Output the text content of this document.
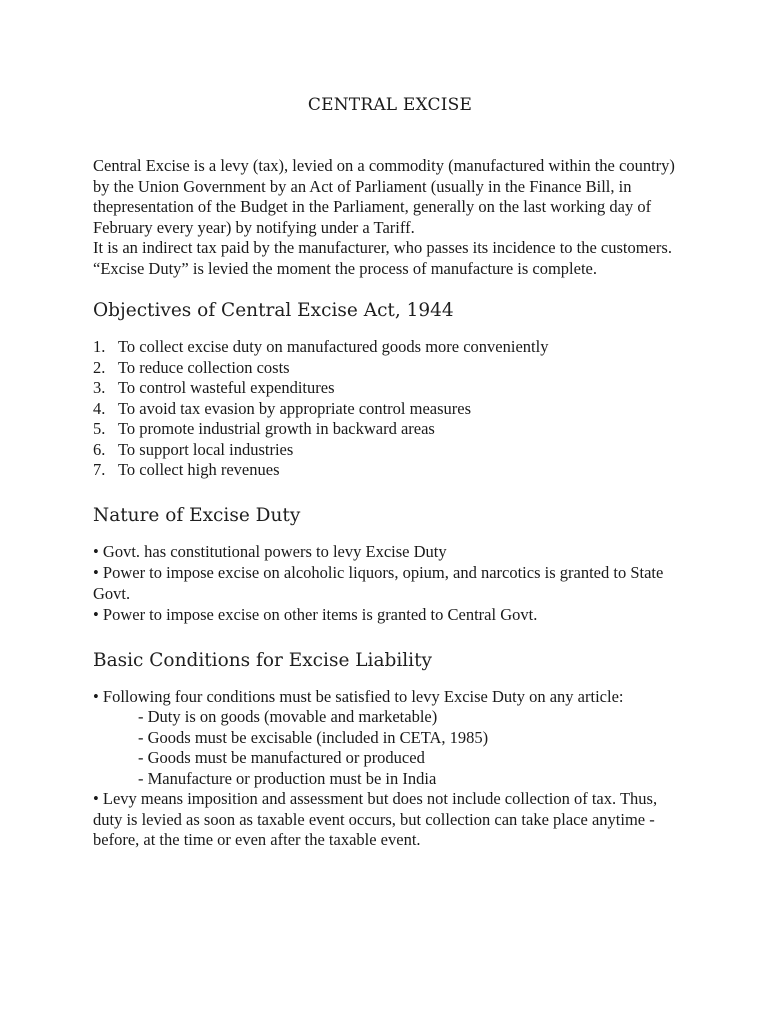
CENTRAL EXCISE

Central Excise is a levy (tax), levied on a commodity (manufactured within the country) by the Union Government by an Act of Parliament (usually in the Finance Bill, in thepresentation of the Budget in the Parliament, generally on the last working day of February every year) by notifying under a Tariff.

It is an indirect tax paid by the manufacturer, who passes its incidence to the customers.

“Excise Duty” is levied the moment the process of manufacture is complete.

Objectives of Central Excise Act, 1944
1. To collect excise duty on manufactured goods more conveniently
2. To reduce collection costs
3. To control wasteful expenditures
4. To avoid tax evasion by appropriate control measures
5. To promote industrial growth in backward areas
6. To support local industries
7. To collect high revenues
Nature of Excise Duty

• Govt. has constitutional powers to levy Excise Duty

• Power to impose excise on alcoholic liquors, opium, and narcotics is granted to State Govt.

• Power to impose excise on other items is granted to Central Govt.

Basic Conditions for Excise Liability

• Following four conditions must be satisfied to levy Excise Duty on any article:

- Duty is on goods (movable and marketable)
- Goods must be excisable (included in CETA, 1985)
- Goods must be manufactured or produced
- Manufacture or production must be in India

• Levy means imposition and assessment but does not include collection of tax. Thus, duty is levied as soon as taxable event occurs, but collection can take place anytime - before, at the time or even after the taxable event.
